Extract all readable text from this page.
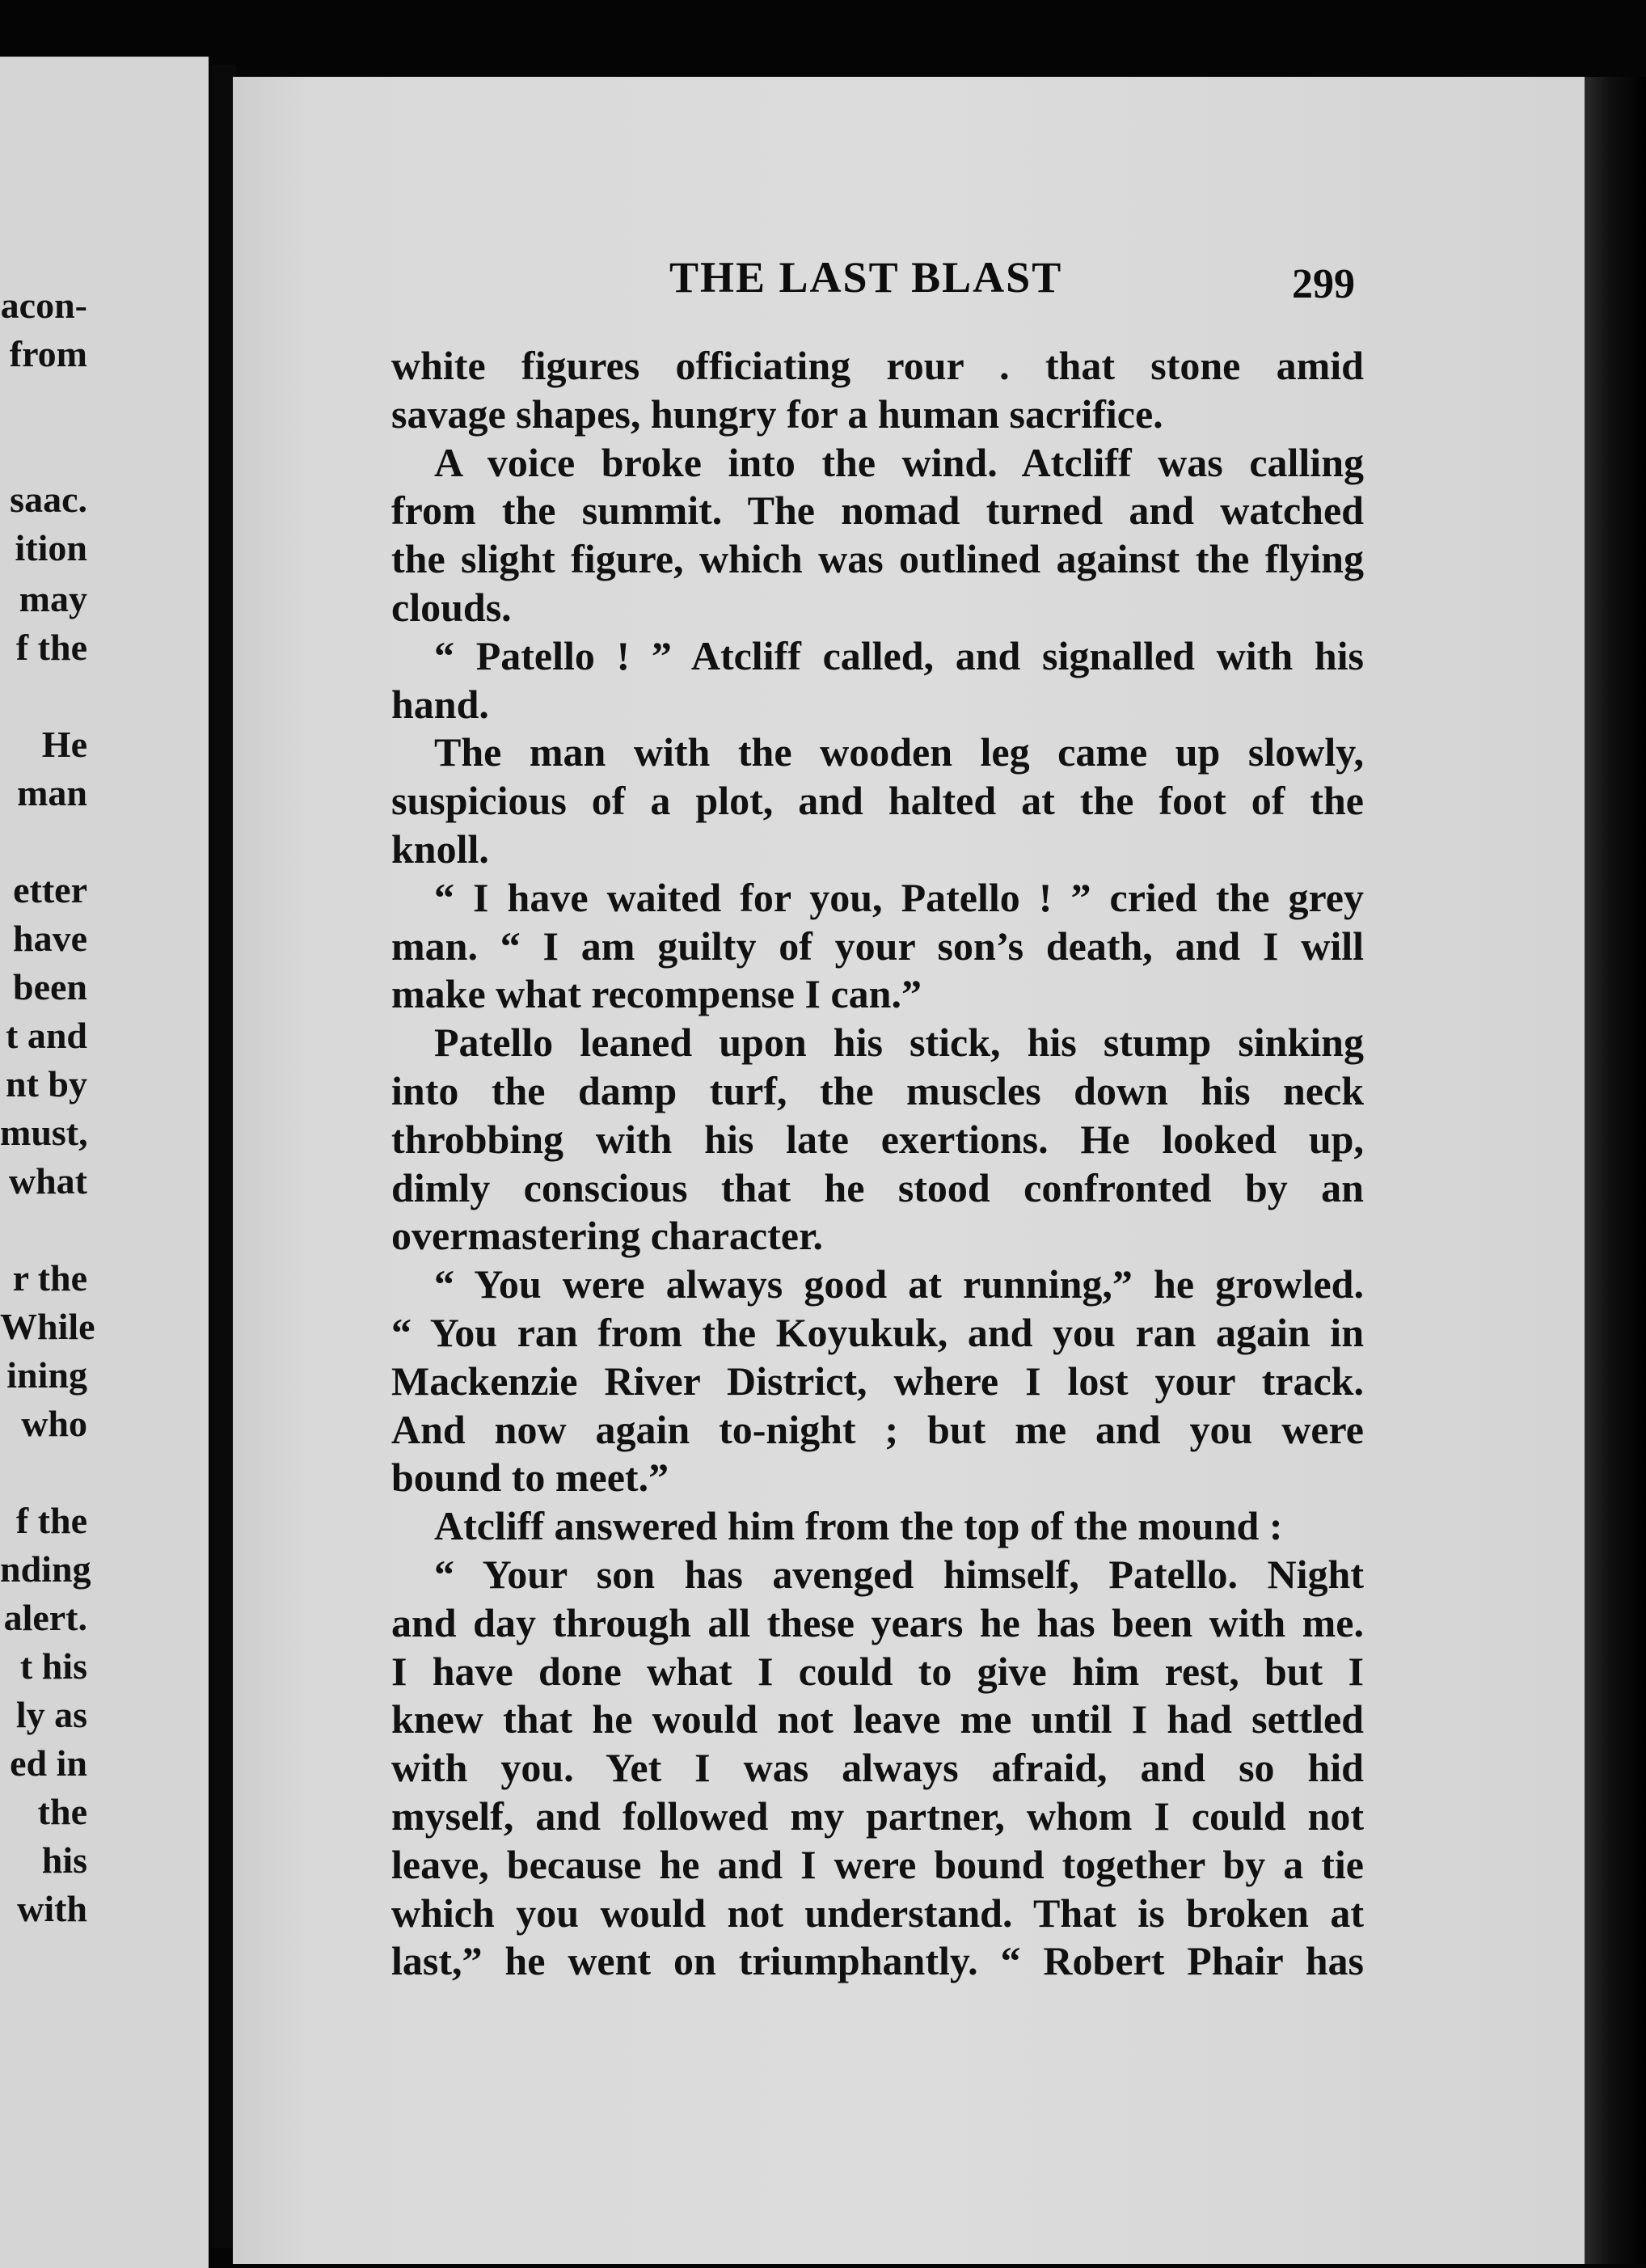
acon-
from
saac.
ition
may
f the
He
man
etter
have
been
t and
nt by
must,
what
r the
While
ining
who
f the
nding
alert.
t his
ly as
ed in
the
his
with
THE LAST BLAST	299
white figures officiating rour . that stone amid
savage shapes, hungry for a human sacrifice.
A voice broke into the wind. Atcliff was calling
from the summit. The nomad turned and watched
the slight figure, which was outlined against the flying
clouds.
“ Patello ! ” Atcliff called, and signalled with his
hand.
The man with the wooden leg came up slowly,
suspicious of a plot, and halted at the foot of the
knoll.
“ I have waited for you, Patello ! ” cried the grey
man. “ I am guilty of your son’s death, and I will
make what recompense I can.”
Patello leaned upon his stick, his stump sinking
into the damp turf, the muscles down his neck
throbbing with his late exertions. He looked up,
dimly conscious that he stood confronted by an
overmastering character.
“ You were always good at running,” he growled.
“ You ran from the Koyukuk, and you ran again in
Mackenzie River District, where I lost your track.
And now again to-night ; but me and you were
bound to meet.”
Atcliff answered him from the top of the mound :
“ Your son has avenged himself, Patello. Night
and day through all these years he has been with me.
I have done what I could to give him rest, but I
knew that he would not leave me until I had settled
with you. Yet I was always afraid, and so hid
myself, and followed my partner, whom I could not
leave, because he and I were bound together by a tie
which you would not understand. That is broken at
last,” he went on triumphantly. “ Robert Phair has
